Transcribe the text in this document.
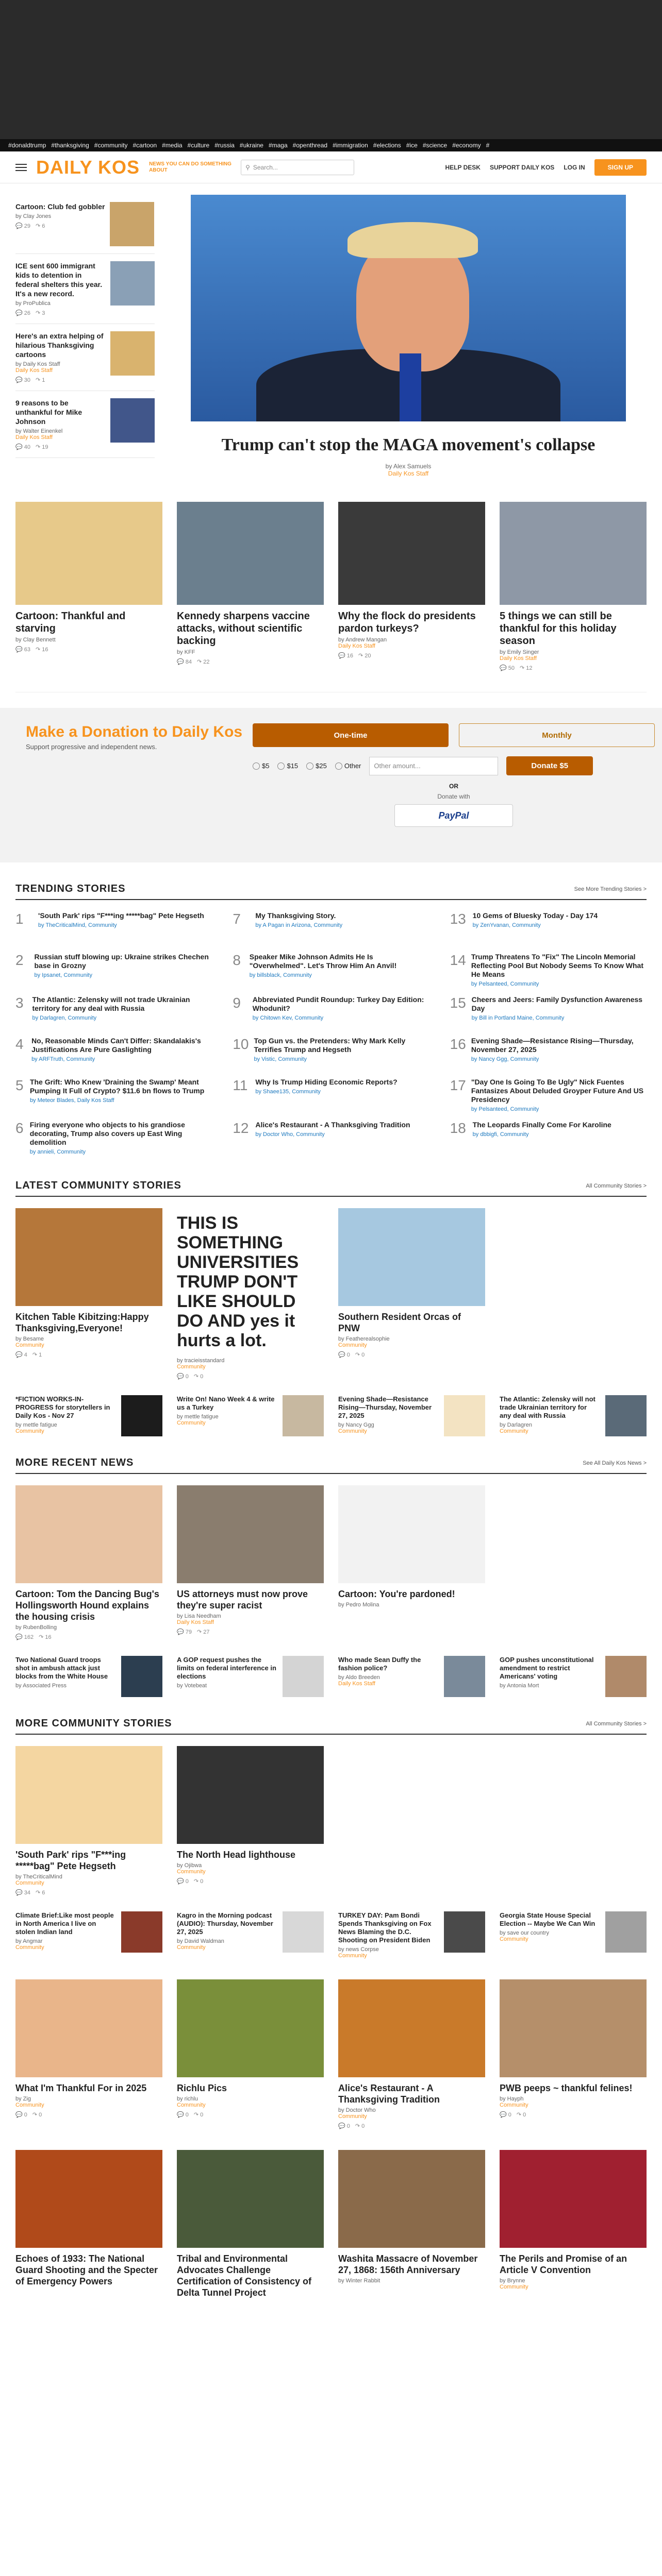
#donaldtrump #thanksgiving #community #cartoon #media #culture #russia #ukraine #maga #openthread #immigration #elections #ice #science #economy #
DAILY KOS NEWS YOU CAN DO SOMETHING ABOUT	⚲ Search...	HELP DESK SUPPORT DAILY KOS LOG IN	SIGN UP
Cartoon: Club fed gobbler
by Clay Jones
💬 29 ↷ 6
ICE sent 600 immigrant kids to detention in federal shelters this year. It's a new record.
by ProPublica
💬 26 ↷ 3
Here's an extra helping of hilarious Thanksgiving cartoons
by Daily Kos Staff
Daily Kos Staff
💬 30 ↷ 1
9 reasons to be unthankful for Mike Johnson
by Walter Einenkel
Daily Kos Staff
💬 40 ↷ 19	Trump can't stop the MAGA movement's collapse
by Alex Samuels
Daily Kos Staff
Cartoon: Thankful and starving
by Clay Bennett
💬 63 ↷ 16
Kennedy sharpens vaccine attacks, without scientific backing
by KFF
💬 84 ↷ 22
Why the flock do presidents pardon turkeys?
by Andrew Mangan
Daily Kos Staff
💬 16 ↷ 20
5 things we can still be thankful for this holiday season
by Emily Singer
Daily Kos Staff
💬 50 ↷ 12
Make a Donation to Daily Kos
Support progressive and independent news.
One-time	Monthly
$5	$15	$25	Other	Other amount...	Donate $5
OR
Donate with
PayPal
TRENDING STORIES	See More Trending Stories >
1	'South Park' rips "F***ing *****bag" Pete Hegseth
by TheCriticalMind, Community	7	My Thanksgiving Story.
by A Pagan in Arizona, Community	13 10 Gems of Bluesky Today - Day 174
by ZenYvanan, Community
2	Russian stuff blowing up: Ukraine strikes Chechen base in Grozny
by Ipsanet, Community
8	Speaker Mike Johnson Admits He Is "Overwhelmed". Let's Throw Him An Anvil!
by billsblack, Community
14 Trump Threatens To "Fix" The Lincoln Memorial Reflecting Pool But Nobody Seems To Know What He Means
by Pelsanteed, Community
3	The Atlantic: Zelensky will not trade Ukrainian territory for any deal with Russia
by Darlagren, Community
9	Abbreviated Pundit Roundup: Turkey Day Edition: Whodunit?
by Chitown Kev, Community
15 Cheers and Jeers: Family Dysfunction Awareness Day
by Bill in Portland Maine, Community
4	No, Reasonable Minds Can't Differ: Skandalakis's Justifications Are Pure Gaslighting
by ARFTruth, Community
10 Top Gun vs. the Pretenders: Why Mark Kelly Terrifies Trump and Hegseth
by Vistic, Community
16 Evening Shade—Resistance Rising—Thursday, November 27, 2025
by Nancy Ggg, Community
5 The Grift: Who Knew 'Draining the Swamp' Meant Pumping It Full of Crypto? $11.6 bn flows to Trump
by Meteor Blades, Daily Kos Staff
11	Why Is Trump Hiding Economic Reports?
by Shaee135, Community	17 "Day One Is Going To Be Ugly" Nick Fuentes Fantasizes About Deluded Groyper Future And US Presidency
by Pelsanteed, Community
6 Firing everyone who objects to his grandiose decorating, Trump also covers up East Wing demolition
by annieli, Community
12 Alice's Restaurant - A Thanksgiving Tradition
by Doctor Who, Community	18 The Leopards Finally Come For Karoline
by dbbigfi, Community
LATEST COMMUNITY STORIES	All Community Stories >
Kitchen Table Kibitzing:Happy Thanksgiving,Everyone!
by Besame
Community
💬 4 ↷ 1
THIS IS SOMETHING UNIVERSITIES TRUMP DON'T LIKE SHOULD DO AND yes it hurts a lot.
by tracieisstandard
Community
💬 0 ↷ 0
Southern Resident Orcas of PNW
by Featherealsophie
Community
💬 0 ↷ 0
*FICTION WORKS-IN-PROGRESS for storytellers in Daily Kos - Nov 27
by mettle fatigue
Community
Write On! Nano Week 4 & write us a Turkey
by mettle fatigue
Community
Evening Shade—Resistance Rising—Thursday, November 27, 2025
by Nancy Ggg
Community
The Atlantic: Zelensky will not trade Ukrainian territory for any deal with Russia
by Darlagren
Community
MORE RECENT NEWS	See All Daily Kos News >
Cartoon: Tom the Dancing Bug's Hollingsworth Hound explains the housing crisis
by RubenBolling
💬 162 ↷ 16
US attorneys must now prove they're super racist
by Lisa Needham
Daily Kos Staff
💬 79 ↷ 27
Cartoon: You're pardoned!
by Pedro Molina
Two National Guard troops shot in ambush attack just blocks from the White House
by Associated Press
A GOP request pushes the limits on federal interference in elections
by Votebeat
Who made Sean Duffy the fashion police?
by Aldo Breeden
Daily Kos Staff
GOP pushes unconstitutional amendment to restrict Americans' voting
by Antonia Mort
MORE COMMUNITY STORIES	All Community Stories >
'South Park' rips "F***ing *****bag" Pete Hegseth
by TheCriticalMind
Community
💬 34 ↷ 6
The North Head lighthouse
by Ojibwa
Community
💬 0 ↷ 0
Climate Brief:Like most people in North America I live on stolen Indian land
by Angmar
Community
Kagro in the Morning podcast (AUDIO): Thursday, November 27, 2025
by David Waldman
Community
TURKEY DAY: Pam Bondi Spends Thanksgiving on Fox News Blaming the D.C. Shooting on President Biden
by news Corpse
Community
Georgia State House Special Election -- Maybe We Can Win
by save our country
Community
What I'm Thankful For in 2025
by Zig
Community
💬 0 ↷ 0
Richlu Pics
by richlu
Community
💬 0 ↷ 0
Alice's Restaurant - A Thanksgiving Tradition
by Doctor Who
Community
💬 0 ↷ 0
PWB peeps ~ thankful felines!
by Hayph
Community
💬 0 ↷ 0
Echoes of 1933: The National Guard Shooting and the Specter of Emergency Powers
Tribal and Environmental Advocates Challenge Certification of Consistency of Delta Tunnel Project
Washita Massacre of November 27, 1868: 156th Anniversary
by Winter Rabbit
The Perils and Promise of an Article V Convention
by Brynne
Community
